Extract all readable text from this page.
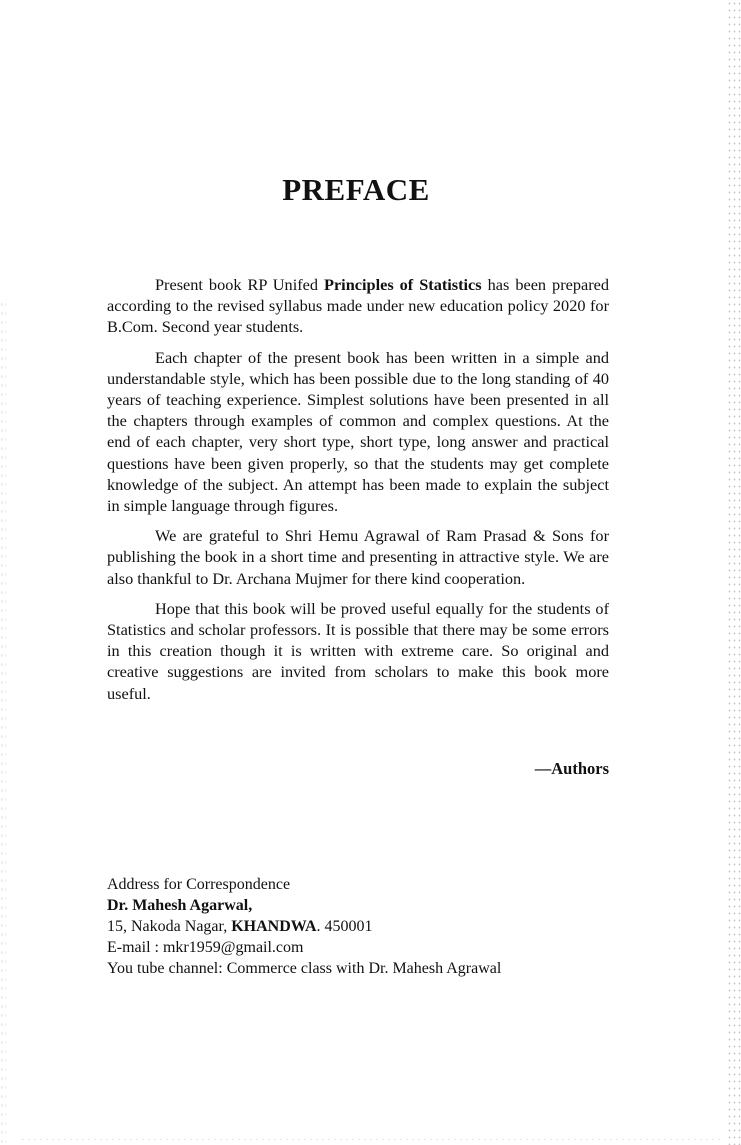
PREFACE

Present book RP Unifed Principles of Statistics has been prepared according to the revised syllabus made under new education policy 2020 for B.Com. Second year students.

Each chapter of the present book has been written in a simple and understandable style, which has been possible due to the long standing of 40 years of teaching experience. Simplest solutions have been presented in all the chapters through examples of common and complex questions. At the end of each chapter, very short type, short type, long answer and practical questions have been given properly, so that the students may get complete knowledge of the subject. An attempt has been made to explain the subject in simple language through figures.

We are grateful to Shri Hemu Agrawal of Ram Prasad & Sons for publishing the book in a short time and presenting in attractive style. We are also thankful to Dr. Archana Mujmer for there kind cooperation.

Hope that this book will be proved useful equally for the students of Statistics and scholar professors. It is possible that there may be some errors in this creation though it is written with extreme care. So original and creative suggestions are invited from scholars to make this book more useful.

—Authors
Address for Correspondence
Dr. Mahesh Agarwal,
15, Nakoda Nagar, KHANDWA. 450001
E-mail : mkr1959@gmail.com
You tube channel: Commerce class with Dr. Mahesh Agrawal
